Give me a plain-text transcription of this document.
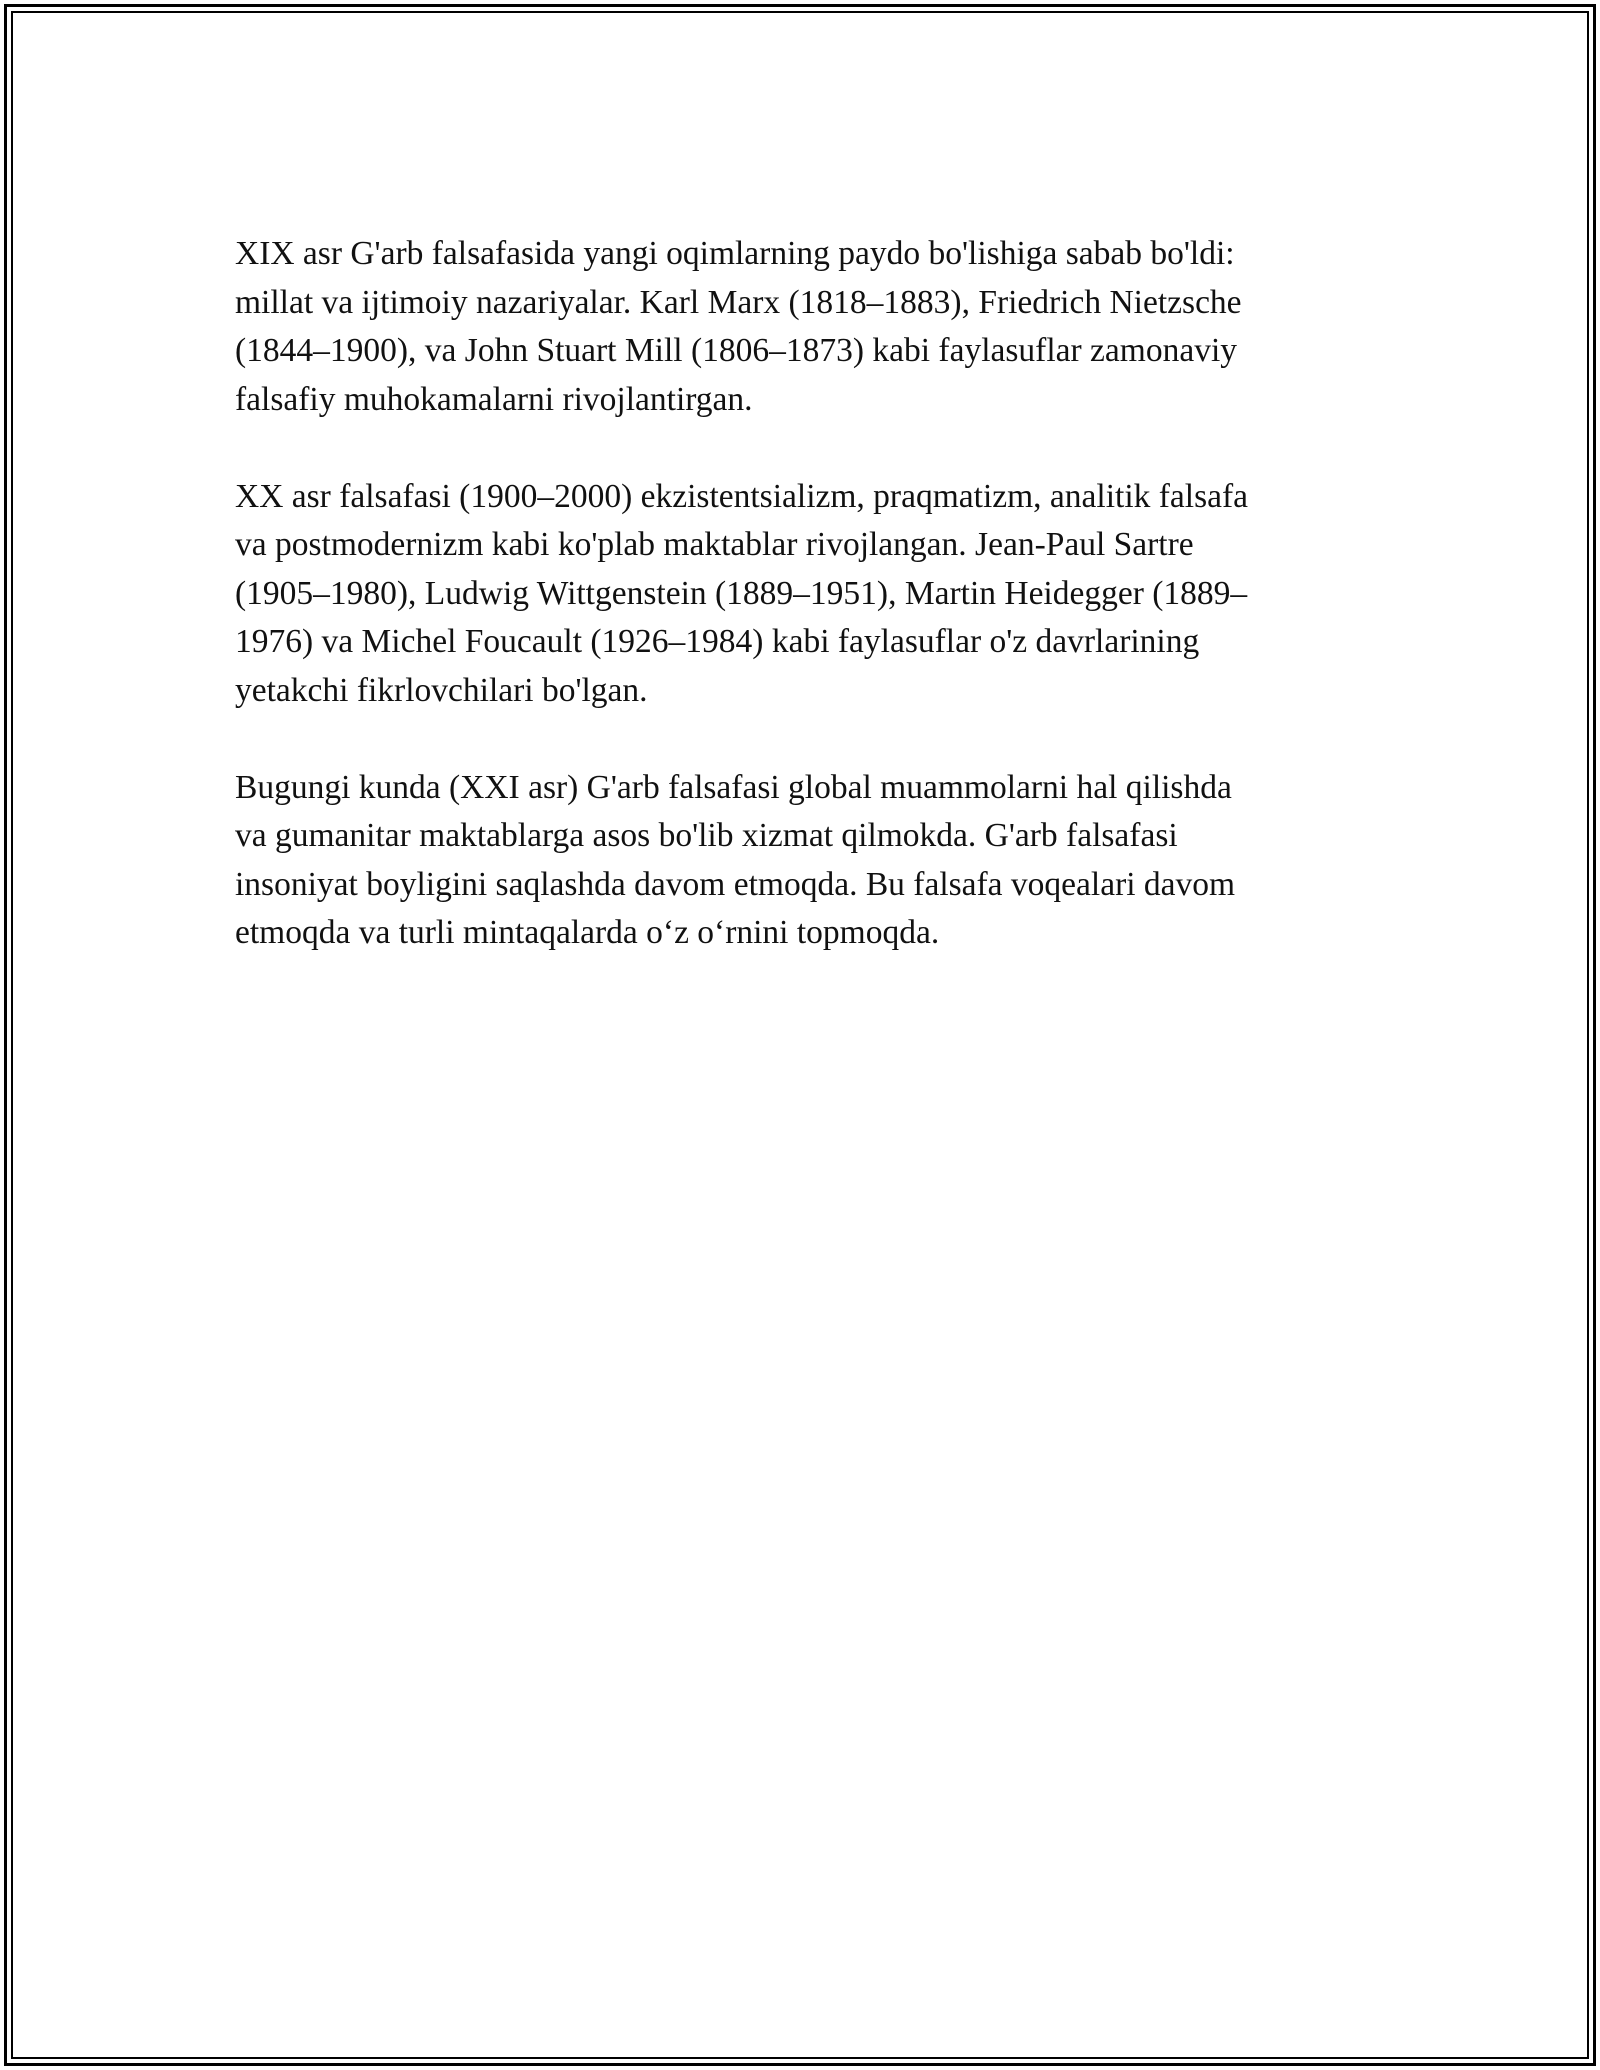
XIX asr G'arb falsafasida yangi oqimlarning paydo bo'lishiga sabab bo'ldi:
millat va ijtimoiy nazariyalar. Karl Marx (1818–1883), Friedrich Nietzsche
(1844–1900), va John Stuart Mill (1806–1873) kabi faylasuflar zamonaviy
falsafiy muhokamalarni rivojlantirgan.

XX asr falsafasi (1900–2000) ekzistentsializm, praqmatizm, analitik falsafa
va postmodernizm kabi ko'plab maktablar rivojlangan. Jean-Paul Sartre
(1905–1980), Ludwig Wittgenstein (1889–1951), Martin Heidegger (1889–
1976) va Michel Foucault (1926–1984) kabi faylasuflar o'z davrlarining
yetakchi fikrlovchilari bo'lgan.

Bugungi kunda (XXI asr) G'arb falsafasi global muammolarni hal qilishda
va gumanitar maktablarga asos bo'lib xizmat qilmokda. G'arb falsafasi
insoniyat boyligini saqlashda davom etmoqda. Bu falsafa voqealari davom
etmoqda va turli mintaqalarda oʻz oʻrnini topmoqda.
